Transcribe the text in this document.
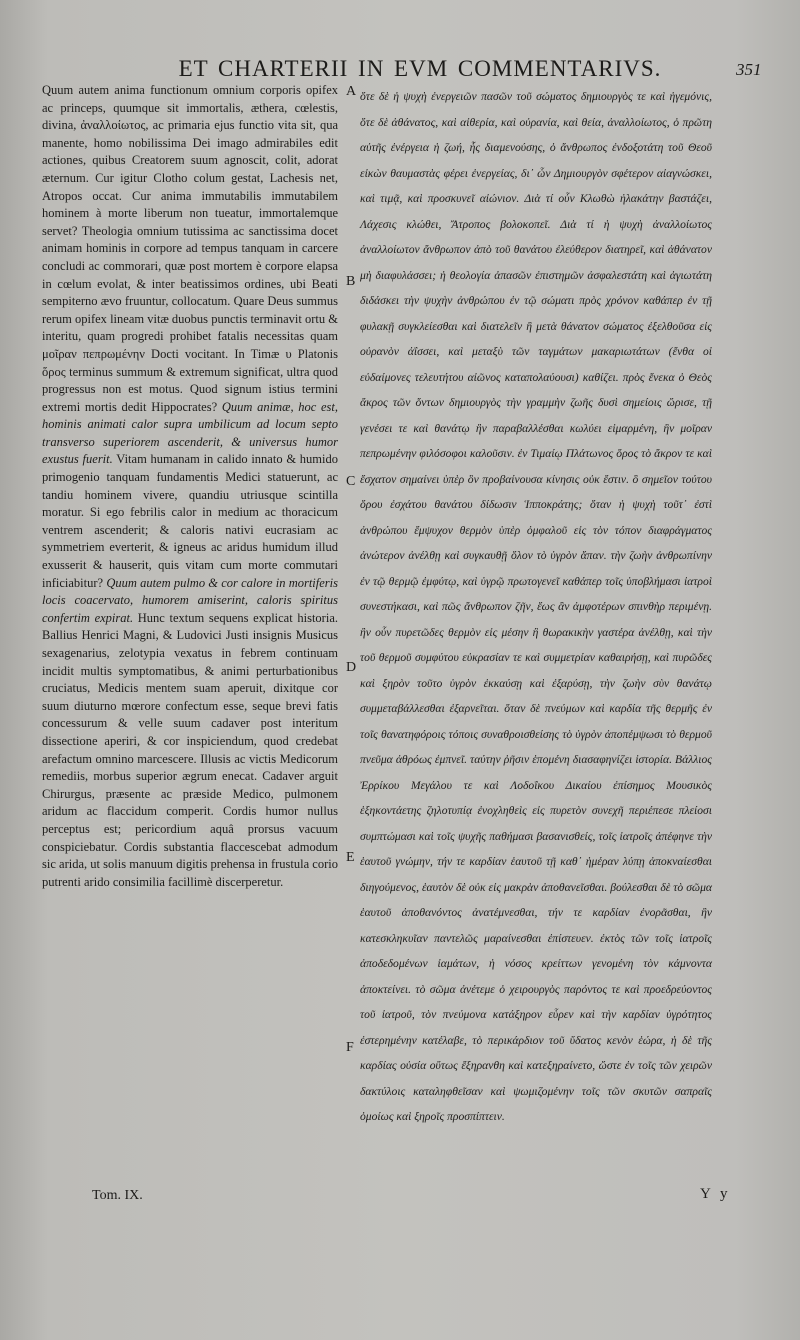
ET CHARTERII IN EVM COMMENTARIVS.	351

Quum autem anima functionum omnium corporis opifex ac princeps, quumque sit immortalis, æthera, cœlestis, divina, ἀναλλοίωτος, ac primaria ejus functio vita sit, qua manente, homo nobilissima Dei imago admirabiles edit actiones, quibus Creatorem suum agnoscit, colit, adorat æternum. Cur igitur Clotho colum gestat, Lachesis net, Atropos occat. Cur anima immutabilis immutabilem hominem à morte liberum non tueatur, immortalemque servet? Theologia omnium tutissima ac sanctissima docet animam hominis in corpore ad tempus tanquam in carcere concludi ac commorari, quæ post mortem è corpore elapsa in cœlum evolat, & inter beatissimos ordines, ubi Beati sempiterno ævo fruuntur, collocatum. Quare Deus summus rerum opifex lineam vitæ duobus punctis terminavit ortu & interitu, quam progredi prohibet fatalis necessitas quam μοῖραν πεπρωμένην Docti vocitant. In Timæ υ Platonis ὅρος terminus summum & extremum significat, ultra quod progressus non est motus. Quod signum istius termini extremi mortis dedit Hippocrates? Quum animæ, hoc est, hominis animati calor supra umbilicum ad locum septo transverso superiorem ascenderit, & universus humor exustus fuerit. Vitam humanam in calido innato & humido primogenio tanquam fundamentis Medici statuerunt, ac tandiu hominem vivere, quandiu utriusque scintilla moratur. Si ego febrilis calor in medium ac thoracicum ventrem ascenderit; & caloris nativi eucrasiam ac symmetriem everterit, & igneus ac aridus humidum illud exusserit & hauserit, quis vitam cum morte commutari inficiabitur? Quum autem pulmo & cor calore in mortiferis locis coacervato, humorem amiserint, caloris spiritus confertim expirat. Hunc textum sequens explicat historia. Ballius Henrici Magni, & Ludovici Justi insignis Musicus sexagenarius, zelotypia vexatus in febrem continuam incidit multis symptomatibus, & animi perturbationibus cruciatus, Medicis mentem suam aperuit, dixitque cor suum diuturno mœrore confectum esse, seque brevi fatis concessurum & velle suum cadaver post interitum dissectione aperiri, & cor inspiciendum, quod credebat arefactum omnino marcescere. Illusis ac victis Medicorum remediis, morbus superior ægrum enecat. Cadaver arguit Chirurgus, præsente ac præside Medico, pulmonem aridum ac flaccidum comperit. Cordis humor nullus perceptus est; pericordium aquâ prorsus vacuum conspiciebatur. Cordis substantia flaccescebat admodum sic arida, ut solis manuum digitis prehensa in frustula corio putrenti arido consimilia facillimè discerperetur.

A
B
C
D
E
F

ὅτε δὲ ἡ ψυχὴ ἐνεργειῶν πασῶν τοῦ σώματος δημιουργὸς τε καὶ ἡγεμόνις, ὅτε δὲ ἀθάνατος, καὶ αἰθερία, καὶ οὐρανία, καὶ θεία, ἀναλλοίωτος, ὁ πρῶτη αὐτῆς ἐνέργεια ἡ ζωή, ἧς διαμενούσης, ὁ ἄνθρωπος ἐνδοξοτάτη τοῦ Θεοῦ εἰκὼν θαυμαστὰς φέρει ἐνεργείας, δι᾽ ὧν Δημιουργὸν σφέτερον αἰαγνώσκει, καὶ τιμᾷ, καὶ προσκυνεῖ αἰώνιον. Διὰ τί οὖν Κλωθὼ ἠλακάτην βαστάζει, Λάχεσις κλώθει, Ἄτροπος βολοκοπεῖ. Διὰ τί ἡ ψυχὴ ἀναλλοίωτος ἀναλλοίωτον ἄνθρωπον ἀπὸ τοῦ θανάτου ἐλεύθερον διατηρεῖ, καὶ ἀθάνατον μὴ διαφυλάσσει; ἡ θεολογία ἁπασῶν ἐπιστημῶν ἀσφαλεστάτη καὶ ἁγιωτάτη διδάσκει τὴν ψυχὴν ἀνθρώπου ἐν τῷ σώματι πρὸς χρόνον καθάπερ ἐν τῇ φυλακῇ συγκλείεσθαι καὶ διατελεῖν ἣ μετὰ θάνατον σώματος ἐξελθοῦσα εἰς οὐρανὸν ἀΐσσει, καὶ μεταξὺ τῶν ταγμάτων μακαριωτάτων (ἔνθα οἱ εὐδαίμονες τελευτήτου αἰῶνος καταπολαύουσι) καθίζει. πρὸς ἕνεκα ὁ Θεὸς ἄκρος τῶν ὄντων δημιουργὸς τὴν γραμμὴν ζωῆς δυσὶ σημείοις ὥρισε, τῇ γενέσει τε καὶ θανάτῳ ἣν παραβαλλέσθαι κωλύει εἱμαρμένη, ἣν μοῖραν πεπρωμένην φιλόσοφοι καλοῦσιν. ἐν Τιμαίῳ Πλάτωνος ὅρος τὸ ἄκρον τε καὶ ἔσχατον σημαίνει ὑπὲρ ὃν προβαίνουσα κίνησις οὐκ ἔστιν. ὃ σημεῖον τούτου ὅρου ἐσχάτου θανάτου δίδωσιν Ἱπποκράτης; ὅταν ἡ ψυχὴ τοῦτ᾽ ἐστὶ ἀνθρώπου ἔμψυχον θερμὸν ὑπὲρ ὀμφαλοῦ εἰς τὸν τόπον διαφράγματος ἀνώτερον ἀνέλθῃ καὶ συγκαυθῇ ὅλον τὸ ὑγρὸν ἅπαν. τὴν ζωὴν ἀνθρωπίνην ἐν τῷ θερμῷ ἐμφύτῳ, καὶ ὑγρῷ πρωτογενεῖ καθάπερ τοῖς ὑποβλήμασι ἰατροὶ συνεστήκασι, καὶ πῶς ἄνθρωπον ζῆν, ἕως ἂν ἀμφοτέρων σπινθὴρ περιμένῃ. ἢν οὖν πυρετῶδες θερμὸν εἰς μέσην ἢ θωρακικὴν γαστέρα ἀνέλθῃ, καὶ τὴν τοῦ θερμοῦ συμφύτου εὐκρασίαν τε καὶ συμμετρίαν καθαιρήσῃ, καὶ πυρῶδες καὶ ξηρὸν τοῦτο ὑγρὸν ἐκκαύσῃ καὶ ἐξαρύσῃ, τὴν ζωὴν σὺν θανάτῳ συμμεταβάλλεσθαι ἐξαρνεῖται. ὅταν δὲ πνεύμων καὶ καρδία τῆς θερμῆς ἐν τοῖς θανατηφόροις τόποις συναθροισθείσης τὸ ὑγρὸν ἀποπέμψωσι τὸ θερμοῦ πνεῦμα ἀθρόως ἐμπνεῖ. ταύτην ῥῆσιν ἑπομένη διασαφηνίζει ἱστορία. Βάλλιος Ἐρρίκου Μεγάλου τε καὶ Λοδοΐκου Δικαίου ἐπίσημος Μουσικὸς ἑξηκοντάετης ζηλοτυπίᾳ ἐνοχληθεὶς εἰς πυρετὸν συνεχῆ περιέπεσε πλείοσι συμπτώμασι καὶ τοῖς ψυχῆς παθήμασι βασανισθείς, τοῖς ἰατροῖς ἀπέφηνε τὴν ἑαυτοῦ γνώμην, τήν τε καρδίαν ἑαυτοῦ τῇ καθ᾽ ἡμέραν λύπῃ ἀποκναίεσθαι διηγούμενος, ἑαυτὸν δὲ οὐκ εἰς μακρὰν ἀποθανεῖσθαι. βούλεσθαι δὲ τὸ σῶμα ἑαυτοῦ ἀποθανόντος ἀνατέμνεσθαι, τήν τε καρδίαν ἐνορᾶσθαι, ἣν κατεσκληκυῖαν παντελῶς μαραίνεσθαι ἐπίστευεν. ἐκτὸς τῶν τοῖς ἰατροῖς ἀποδεδομένων ἰαμάτων, ἡ νόσος κρείττων γενομένη τὸν κάμνοντα ἀποκτείνει. τὸ σῶμα ἀνέτεμε ὁ χειρουργὸς παρόντος τε καὶ προεδρεύοντος τοῦ ἰατροῦ, τὸν πνεύμονα κατάξηρον εὗρεν καὶ τὴν καρδίαν ὑγρότητος ἐστερημένην κατέλαβε, τὸ περικάρδιον τοῦ ὕδατος κενὸν ἑώρα, ἡ δὲ τῆς καρδίας οὐσία οὕτως ἔξηρανθη καὶ κατεξηραίνετο, ὥστε ἐν τοῖς τῶν χειρῶν δακτύλοις καταληφθεῖσαν καὶ ψωμιζομένην τοῖς τῶν σκυτῶν σαπραῖς ὁμοίως καὶ ξηροῖς προσπίπτειν.

Tom. IX.	Y y
